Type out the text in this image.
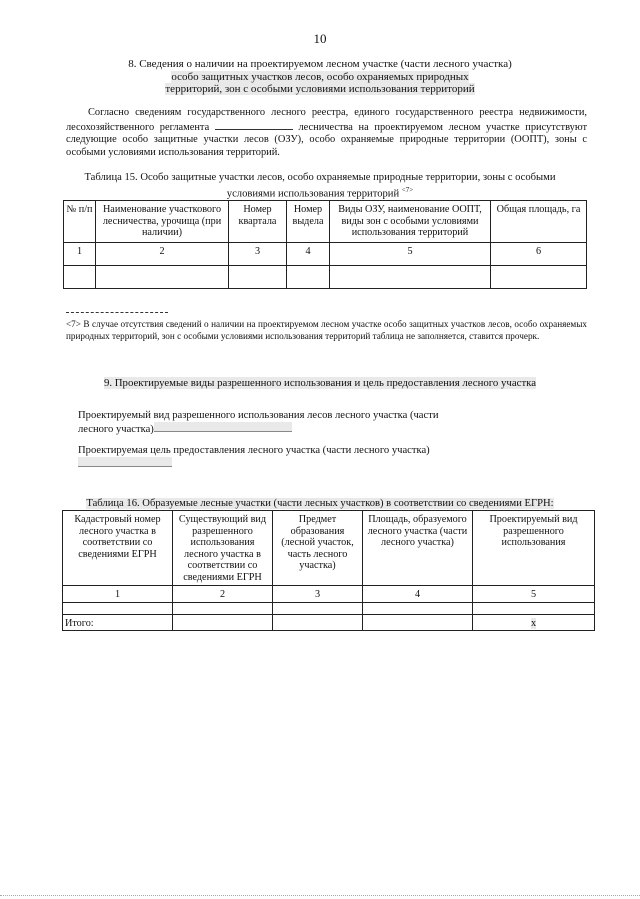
10
8. Сведения о наличии на проектируемом лесном участке (части лесного участка)
особо защитных участков лесов, особо охраняемых природных
территорий, зон с особыми условиями использования территорий
Согласно сведениям государственного лесного реестра, единого государственного реестра недвижимости, лесохозяйственного регламента	лесничества на проектируемом лесном участке присутствуют следующие особо защитные участки лесов (ОЗУ), особо охраняемые природные территории (ООПТ), зоны с особыми условиями использования территорий.
Таблица 15. Особо защитные участки лесов, особо охраняемые природные территории, зоны с особыми
условиями использования территорий $^{<7>}$
№ п/п	Наименование участкового лесничества, урочища (при наличии)	Номер квартала	Номер выдела	Виды ОЗУ, наименование ООПТ, виды зон с особыми условиями использования территорий	Общая площадь, га
1	2	3	4	5	6

<7> В случае отсутствия сведений о наличии на проектируемом лесном участке особо защитных участков лесов, особо охраняемых природных территорий, зон с особыми условиями использования территорий таблица не заполняется, ставится прочерк.
9. Проектируемые виды разрешенного использования и цель предоставления лесного участка
Проектируемый вид разрешенного использования лесов лесного участка (части
лесного участка)
Проектируемая цель предоставления лесного участка (части лесного участка)
Таблица 16. Образуемые лесные участки (части лесных участков) в соответствии со сведениями ЕГРН:
Кадастровый номер лесного участка в соответствии со сведениями ЕГРН	Существующий вид разрешенного использования лесного участка в соответствии со сведениями ЕГРН	Предмет образования (лесной участок, часть лесного участка)	Площадь, образуемого лесного участка (части лесного участка)	Проектируемый вид разрешенного использования
1	2	3	4	5

Итого:				x
